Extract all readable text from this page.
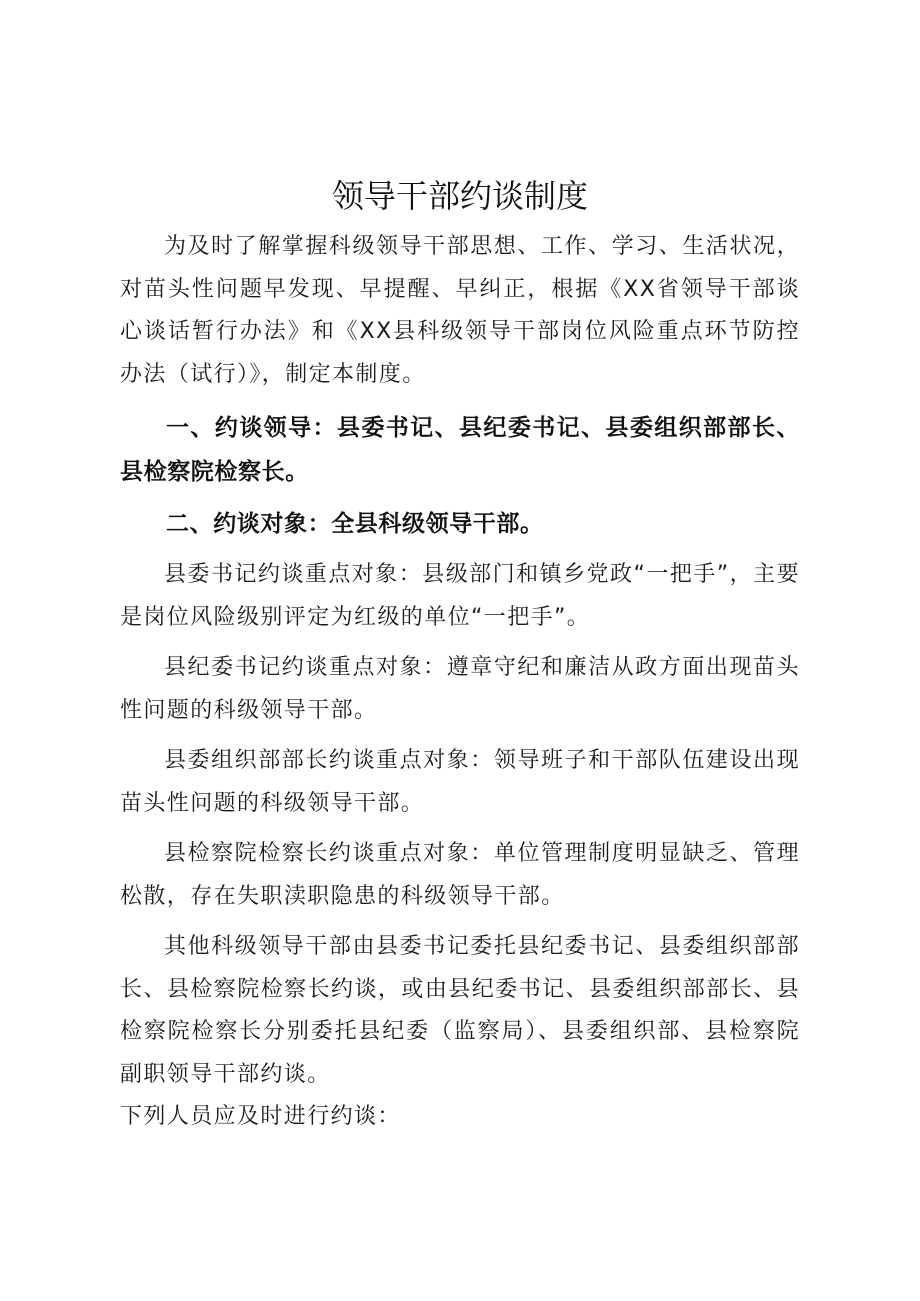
领导干部约谈制度

为及时了解掌握科级领导干部思想、工作、学习、生活状况，对苗头性问题早发现、早提醒、早纠正，根据《XX省领导干部谈心谈话暂行办法》和《XX县科级领导干部岗位风险重点环节防控办法（试行）》，制定本制度。

一、约谈领导：县委书记、县纪委书记、县委组织部部长、县检察院检察长。

二、约谈对象：全县科级领导干部。

县委书记约谈重点对象：县级部门和镇乡党政“一把手”，主要是岗位风险级别评定为红级的单位“一把手”。

县纪委书记约谈重点对象：遵章守纪和廉洁从政方面出现苗头性问题的科级领导干部。

县委组织部部长约谈重点对象：领导班子和干部队伍建设出现苗头性问题的科级领导干部。

县检察院检察长约谈重点对象：单位管理制度明显缺乏、管理松散，存在失职渎职隐患的科级领导干部。

其他科级领导干部由县委书记委托县纪委书记、县委组织部部长、县检察院检察长约谈，或由县纪委书记、县委组织部部长、县检察院检察长分别委托县纪委（监察局）、县委组织部、县检察院副职领导干部约谈。

下列人员应及时进行约谈：
